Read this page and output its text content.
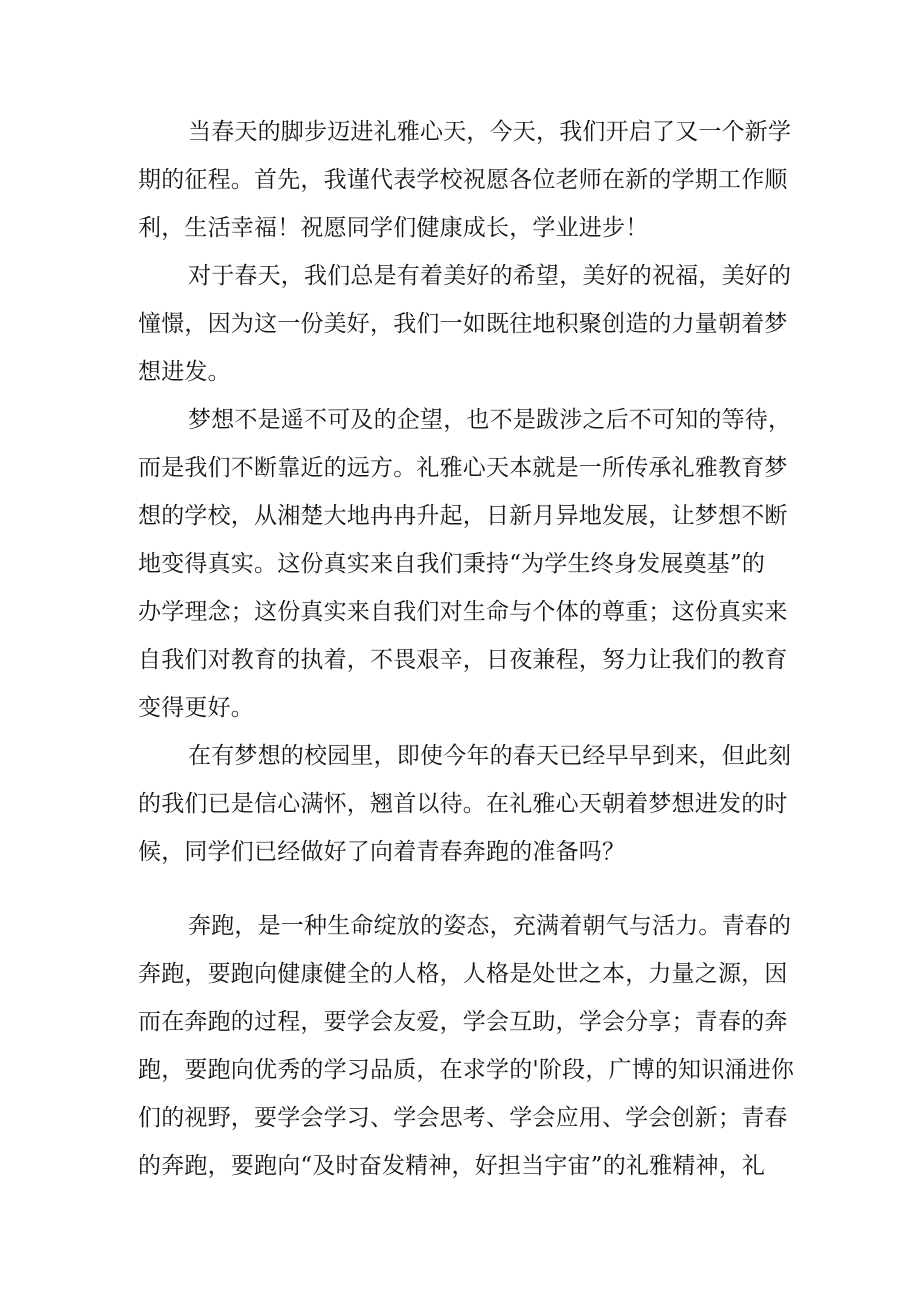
当春天的脚步迈进礼雅心天，今天，我们开启了又一个新学
期的征程。首先，我谨代表学校祝愿各位老师在新的学期工作顺
利，生活幸福！祝愿同学们健康成长，学业进步！
对于春天，我们总是有着美好的希望，美好的祝福，美好的
憧憬，因为这一份美好，我们一如既往地积聚创造的力量朝着梦
想进发。
梦想不是遥不可及的企望，也不是跋涉之后不可知的等待，
而是我们不断靠近的远方。礼雅心天本就是一所传承礼雅教育梦
想的学校，从湘楚大地冉冉升起，日新月异地发展，让梦想不断
地变得真实。这份真实来自我们秉持“为学生终身发展奠基”的
办学理念；这份真实来自我们对生命与个体的尊重；这份真实来
自我们对教育的执着，不畏艰辛，日夜兼程，努力让我们的教育
变得更好。
在有梦想的校园里，即使今年的春天已经早早到来，但此刻
的我们已是信心满怀，翘首以待。在礼雅心天朝着梦想进发的时
候，同学们已经做好了向着青春奔跑的准备吗？
奔跑，是一种生命绽放的姿态，充满着朝气与活力。青春的
奔跑，要跑向健康健全的人格，人格是处世之本，力量之源，因
而在奔跑的过程，要学会友爱，学会互助，学会分享；青春的奔
跑，要跑向优秀的学习品质，在求学的'阶段，广博的知识涌进你
们的视野，要学会学习、学会思考、学会应用、学会创新；青春
的奔跑，要跑向“及时奋发精神，好担当宇宙”的礼雅精神，礼
